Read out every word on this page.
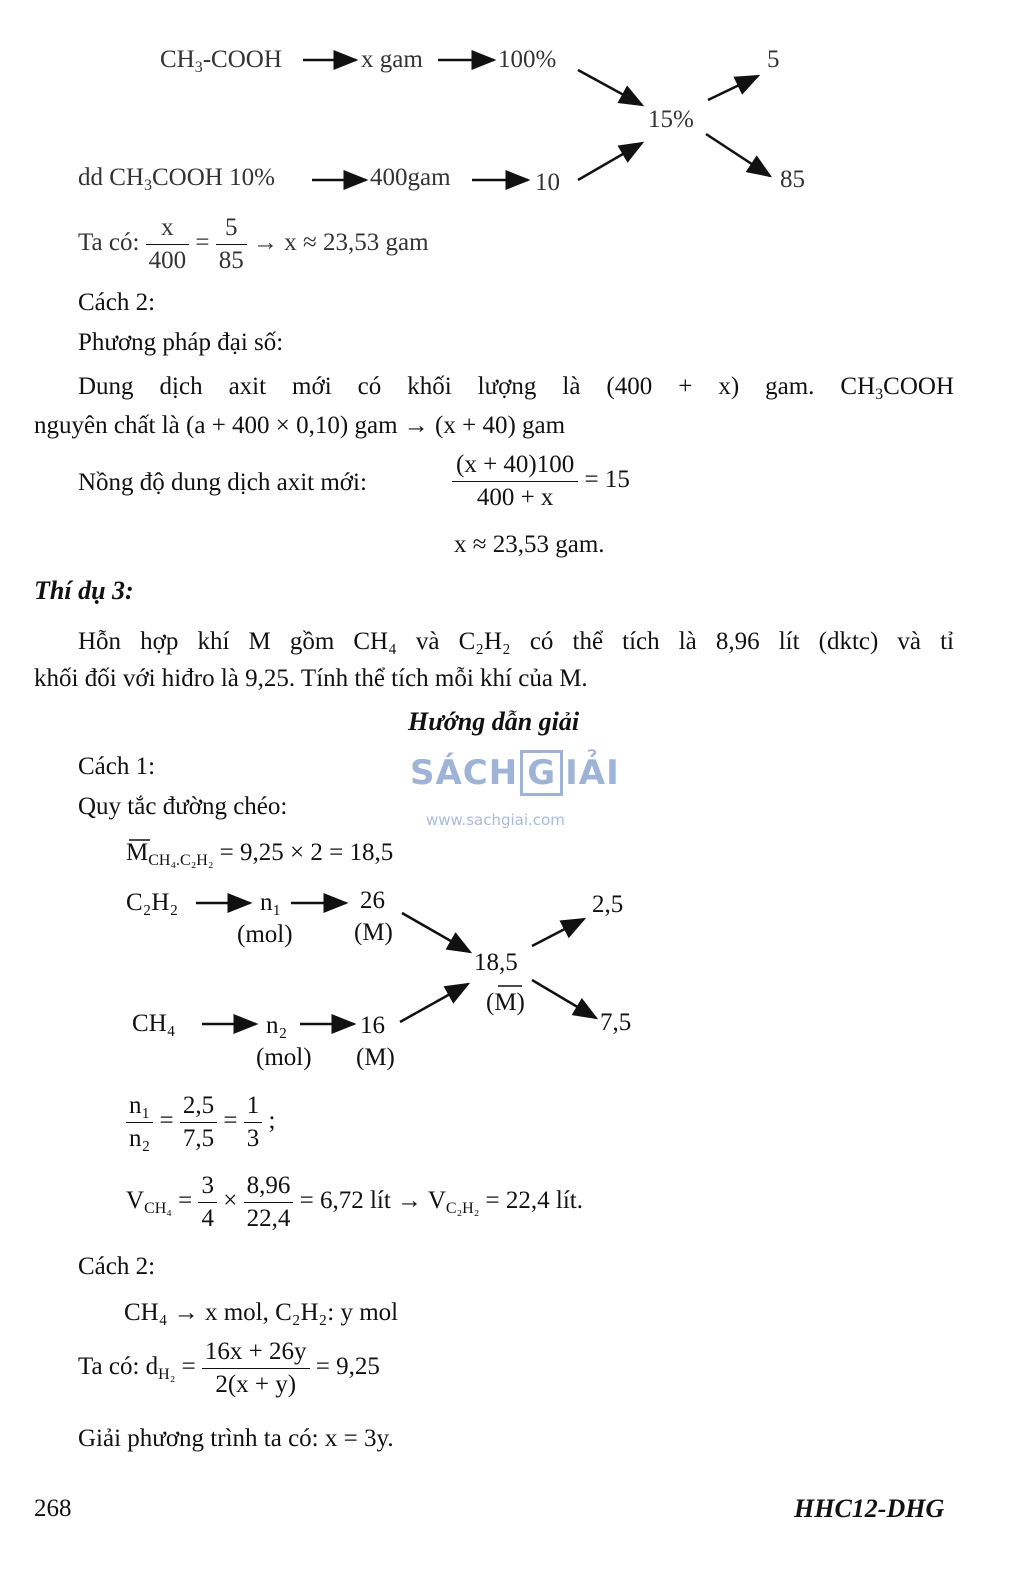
$CH_3$-COOH	x gam	100%
15%
5
dd $CH_3COOH$ 10%	400gam	10	85
Ta có: $\frac{x}{400} = \frac{5}{85} \to x \approx 23,53$ gam
Cách 2:
Phương pháp đại số:
Dung dịch axit mới có khối lượng là (400 + x) gam. $CH_3COOH$
nguyên chất là (a + 400 × 0,10) gam → (x + 40) gam
Nồng độ dung dịch axit mới:	$\frac{(x + 40)100}{400 + x} = 15$
x ≈ 23,53 gam.
Thí dụ 3:
Hỗn hợp khí M gồm CH₄ và C₂H₂ có thể tích là 8,96 lít (dktc) và tỉ
khối đối với hiđro là 9,25. Tính thể tích mỗi khí của M.
Hướng dẫn giải
SÁCH G IẢI
www.sachgiai.com
Cách 1:
Quy tắc đường chéo:
$M_{CH_4.C_2H_2} = 9,25 \times 2 = 18,5$
C₂H₂	n₁	26
(mol) (M)
18,5
(M)
2,5
CH₄	n₂	16
(mol) (M)
7,5
$\frac{\text{n₁}}{\text{n₂}} = \frac{2,5}{7,5} = \frac{1}{3}$ ;
$V_{CH_4} = \frac{3}{4} \times \frac{8,96}{22,4} = 6,72$ lít → $V_{C_2H_2} = 22,4$ lít.
Cách 2:
CH₄ → x mol, C₂H₂: y mol
Ta có: $d_{H_2} = \frac{16x + 26y}{2(x + y)} = 9,25$
Giải phương trình ta có: x = 3y.
268	HHC12-DHG
